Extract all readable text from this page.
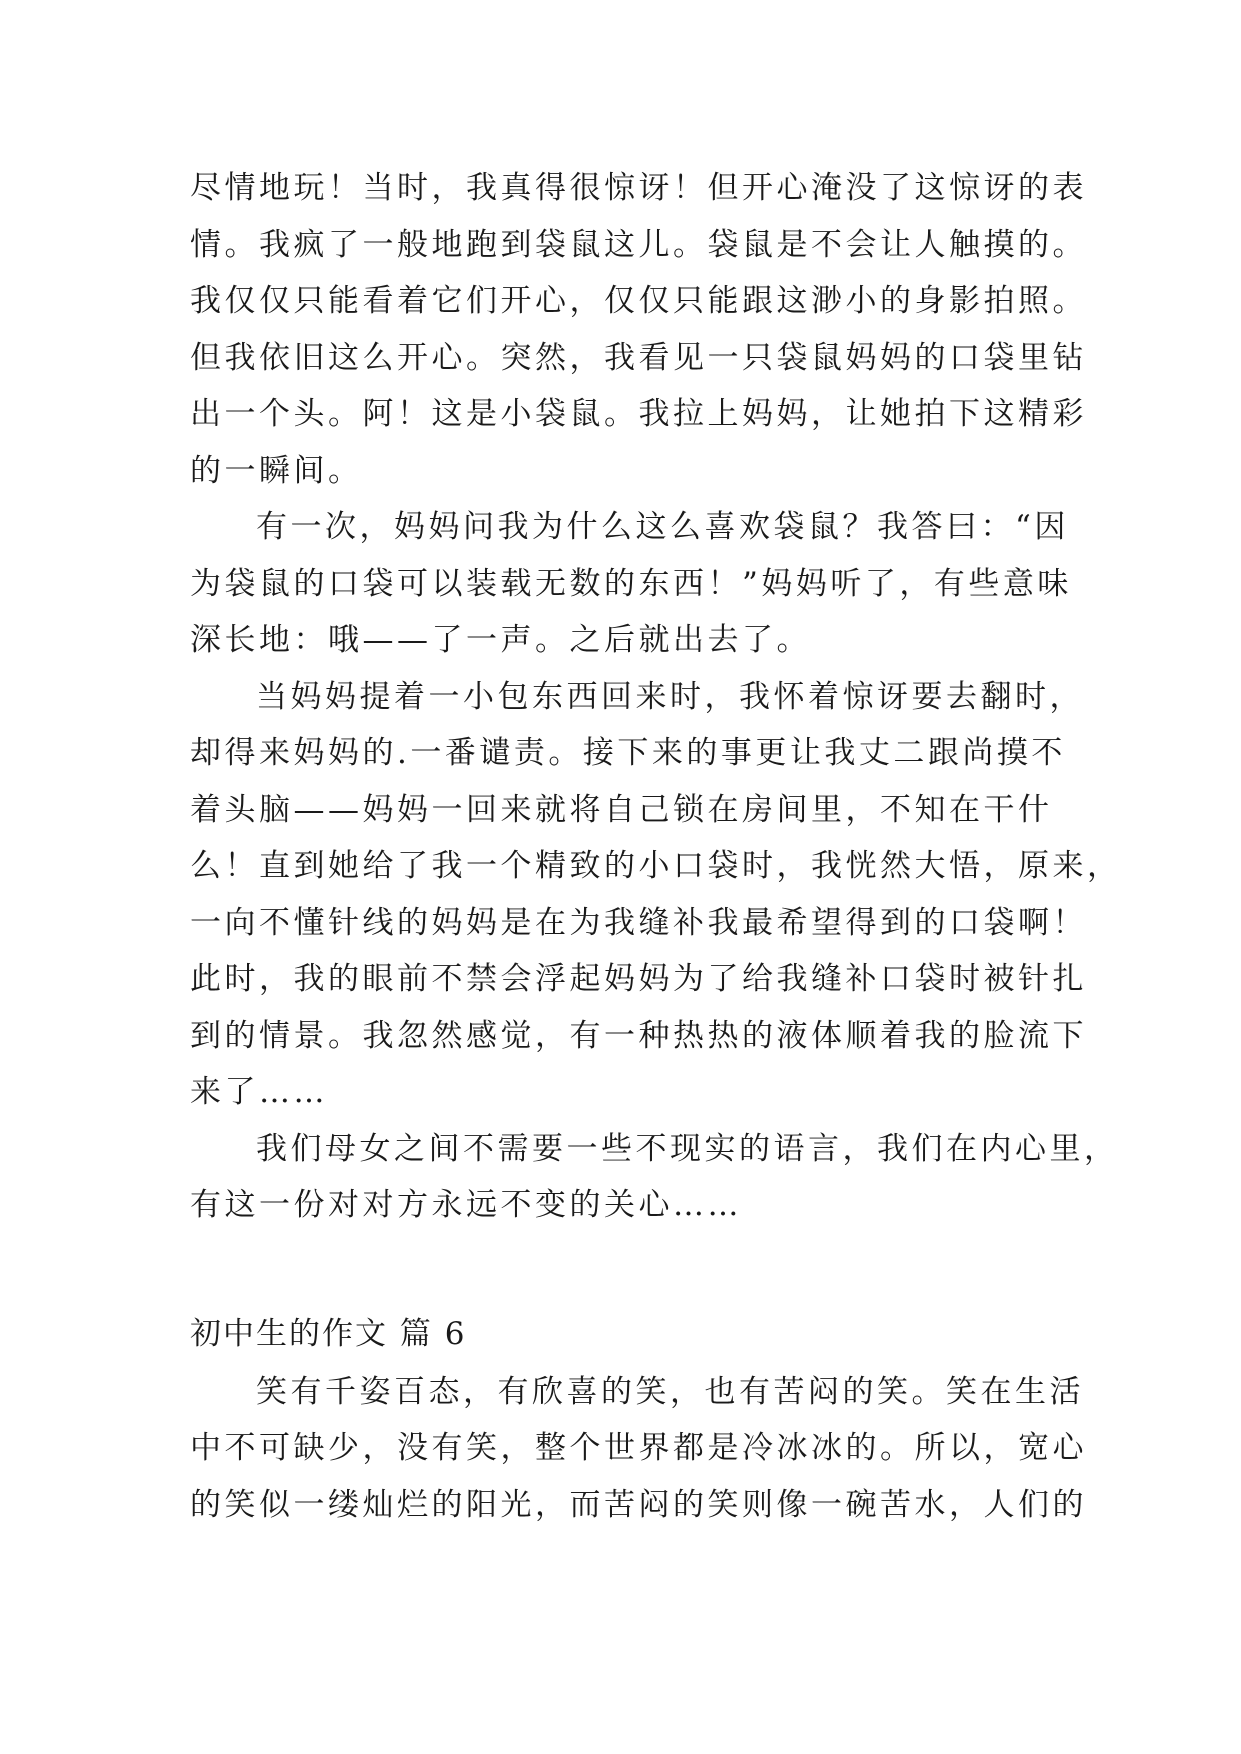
尽情地玩！当时，我真得很惊讶！但开心淹没了这惊讶的表
情。我疯了一般地跑到袋鼠这儿。袋鼠是不会让人触摸的。
我仅仅只能看着它们开心，仅仅只能跟这渺小的身影拍照。
但我依旧这么开心。突然，我看见一只袋鼠妈妈的口袋里钻
出一个头。阿！这是小袋鼠。我拉上妈妈，让她拍下这精彩
的一瞬间。
有一次，妈妈问我为什么这么喜欢袋鼠？我答曰：“因
为袋鼠的口袋可以装载无数的东西！”妈妈听了，有些意味
深长地：哦——了一声。之后就出去了。
当妈妈提着一小包东西回来时，我怀着惊讶要去翻时，
却得来妈妈的.一番谴责。接下来的事更让我丈二跟尚摸不
着头脑——妈妈一回来就将自己锁在房间里，不知在干什
么！直到她给了我一个精致的小口袋时，我恍然大悟，原来，
一向不懂针线的妈妈是在为我缝补我最希望得到的口袋啊！
此时，我的眼前不禁会浮起妈妈为了给我缝补口袋时被针扎
到的情景。我忽然感觉，有一种热热的液体顺着我的脸流下
来了……
我们母女之间不需要一些不现实的语言，我们在内心里，
有这一份对对方永远不变的关心……
初中生的作文 篇 6
笑有千姿百态，有欣喜的笑，也有苦闷的笑。笑在生活
中不可缺少，没有笑，整个世界都是冷冰冰的。所以，宽心
的笑似一缕灿烂的阳光，而苦闷的笑则像一碗苦水，人们的
